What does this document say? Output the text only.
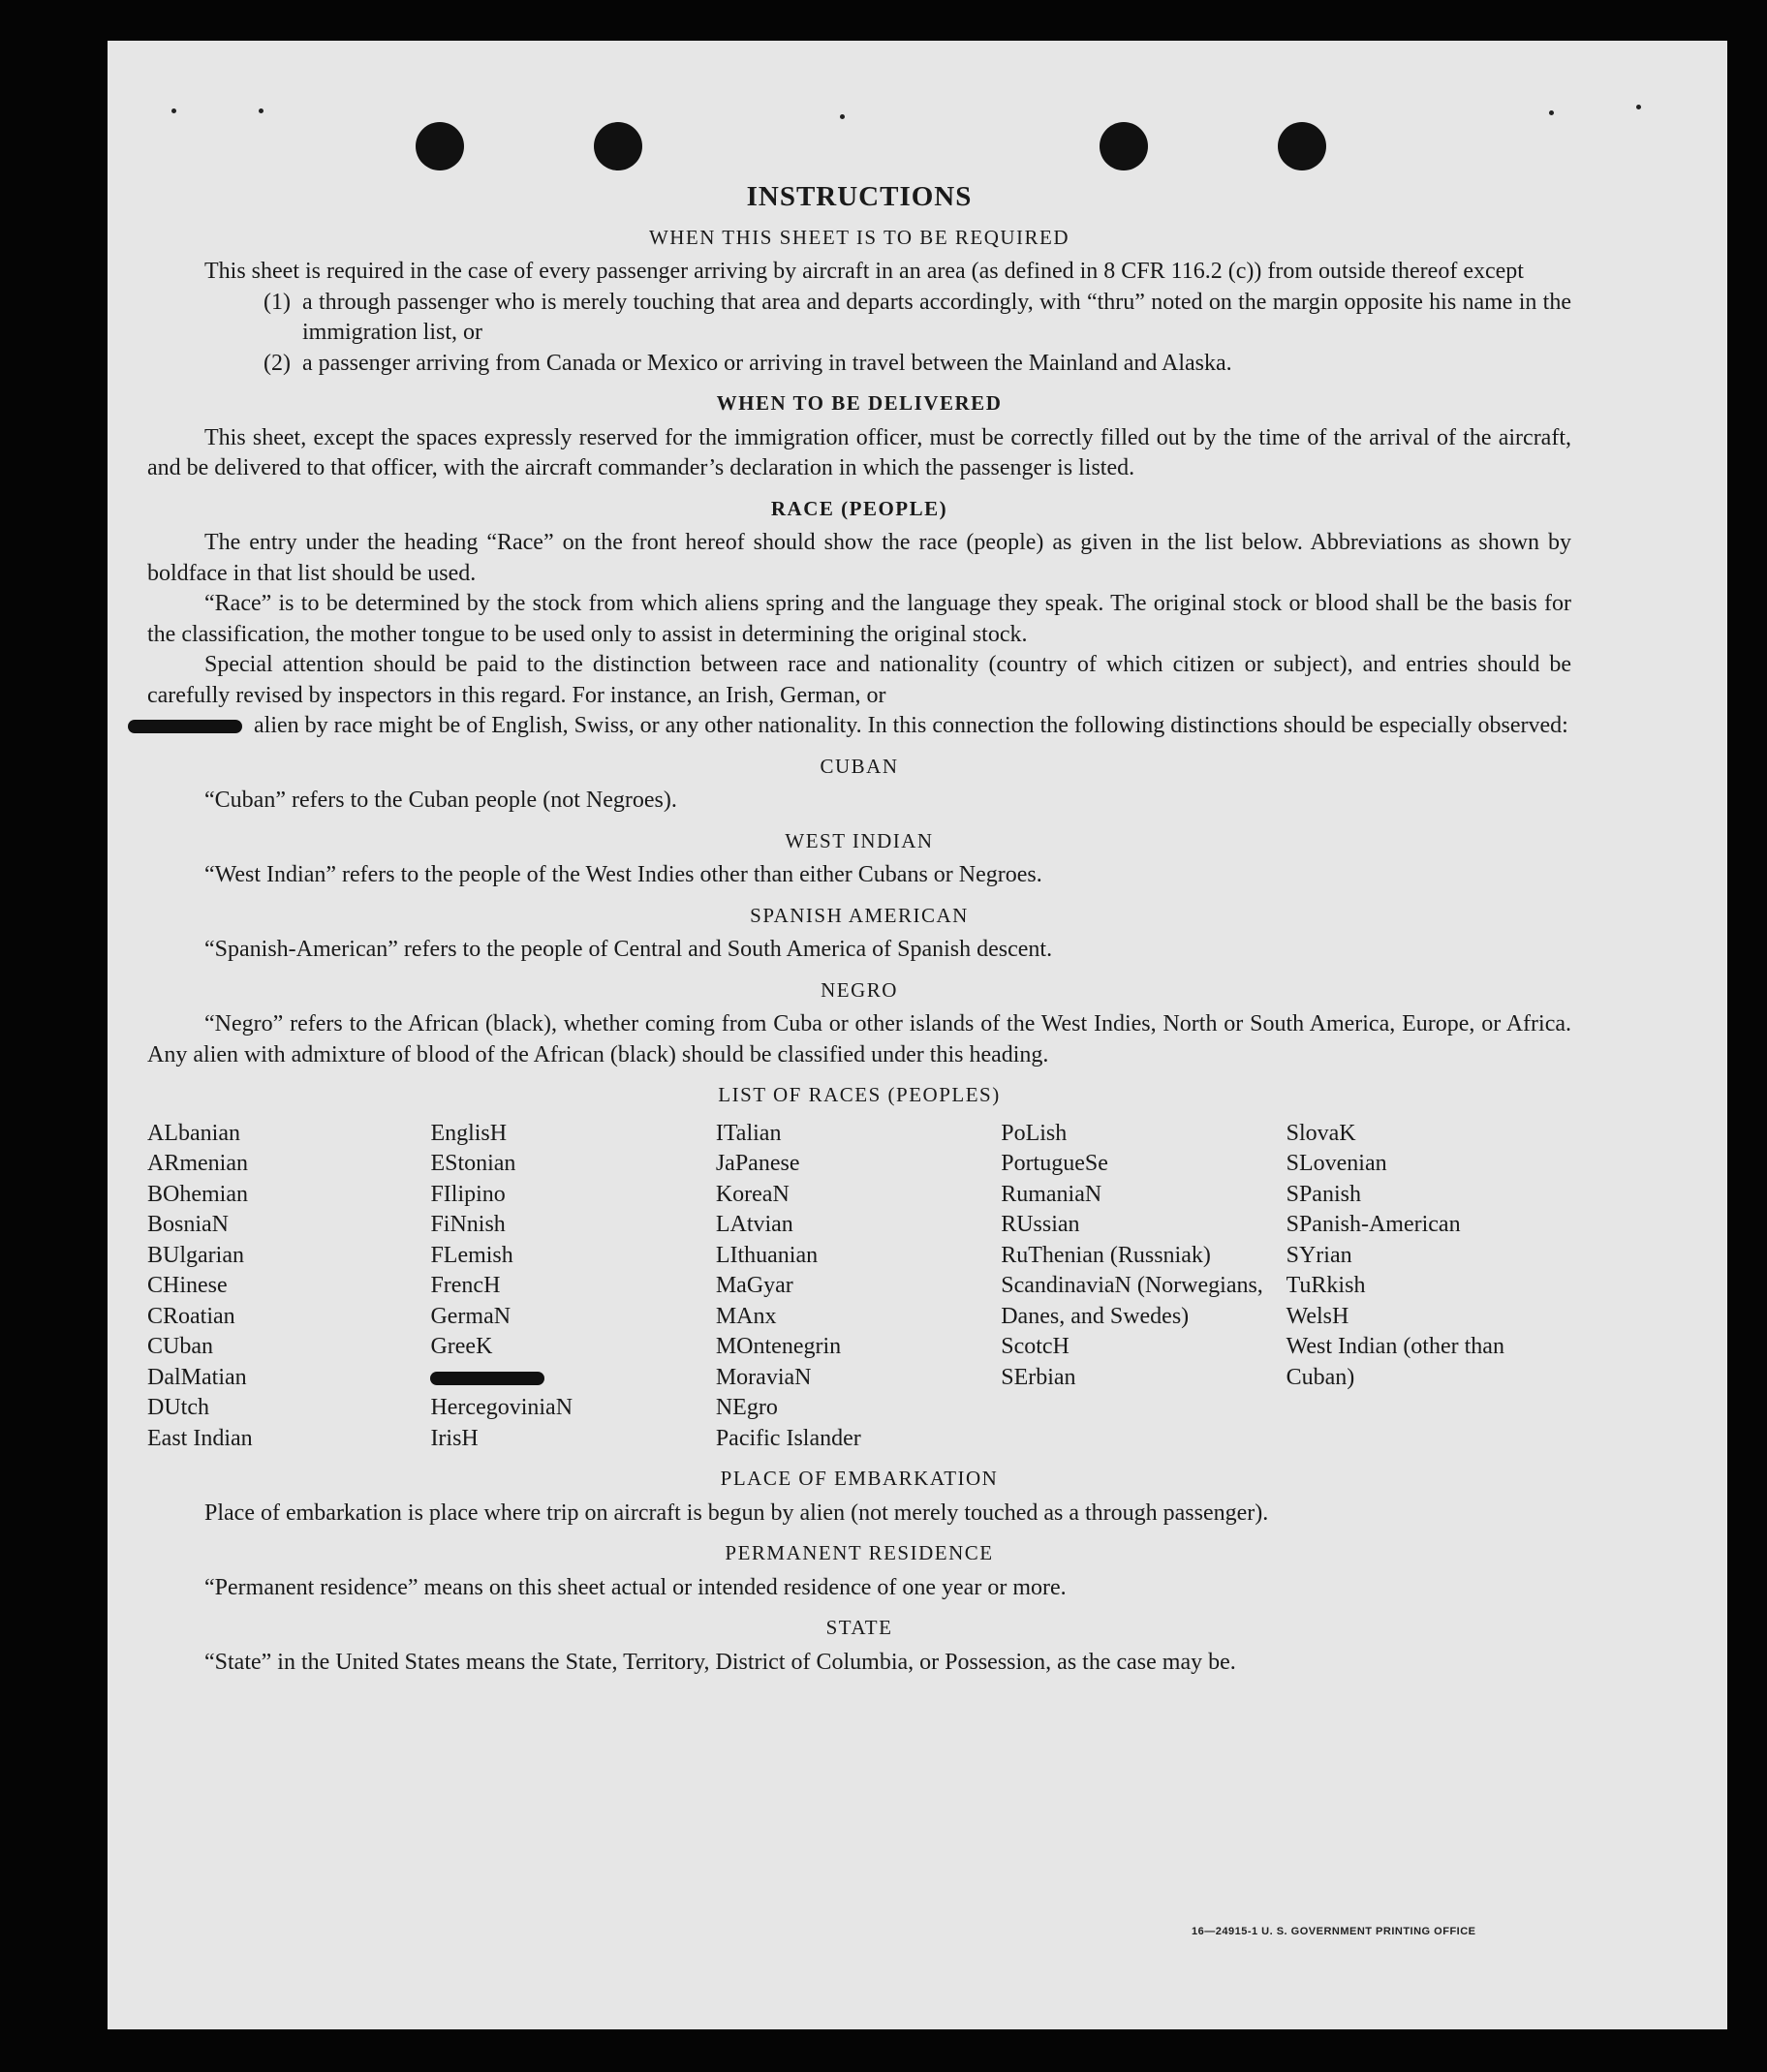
INSTRUCTIONS
WHEN THIS SHEET IS TO BE REQUIRED

This sheet is required in the case of every passenger arriving by aircraft in an area (as defined in 8 CFR 116.2 (c)) from outside thereof except

(1) a through passenger who is merely touching that area and departs accordingly, with “thru” noted on the margin opposite his name in the immigration list, or
(2) a passenger arriving from Canada or Mexico or arriving in travel between the Mainland and Alaska.
WHEN TO BE DELIVERED

This sheet, except the spaces expressly reserved for the immigration officer, must be correctly filled out by the time of the arrival of the aircraft, and be delivered to that officer, with the aircraft commander’s declaration in which the passenger is listed.

RACE (PEOPLE)

The entry under the heading “Race” on the front hereof should show the race (people) as given in the list below. Abbreviations as shown by boldface in that list should be used.

“Race” is to be determined by the stock from which aliens spring and the language they speak. The original stock or blood shall be the basis for the classification, the mother tongue to be used only to assist in determining the original stock.

Special attention should be paid to the distinction between race and nationality (country of which citizen or subject), and entries should be carefully revised by inspectors in this regard. For instance, an Irish, German, or
alien by race might be of English, Swiss, or any other nationality. In this connection the following distinctions should be especially observed:

CUBAN

“Cuban” refers to the Cuban people (not Negroes).

WEST INDIAN

“West Indian” refers to the people of the West Indies other than either Cubans or Negroes.

SPANISH AMERICAN

“Spanish-American” refers to the people of Central and South America of Spanish descent.

NEGRO

“Negro” refers to the African (black), whether coming from Cuba or other islands of the West Indies, North or South America, Europe, or Africa. Any alien with admixture of blood of the African (black) should be classified under this heading.

LIST OF RACES (PEOPLES)
ALbanian
ARmenian
BOhemian
BosniaN
BUlgarian
CHinese
CRoatian
CUban
DalMatian
DUtch
East Indian
EnglisH
EStonian
FIlipino
FiNnish
FLemish
FrencH
GermaN
GreeK
HercegoviniaN
IrisH
ITalian
JaPanese
KoreaN
LAtvian
LIthuanian
MaGyar
MAnx
MOntenegrin
MoraviaN
NEgro
Pacific Islander
PoLish
PortugueSe
RumaniaN
RUssian
RuThenian (Russniak)
ScandinaviaN (Norwegians, Danes, and Swedes)
ScotcH
SErbian
SlovaK
SLovenian
SPanish
SPanish-American
SYrian
TuRkish
WelsH
West Indian (other than Cuban)
PLACE OF EMBARKATION

Place of embarkation is place where trip on aircraft is begun by alien (not merely touched as a through passenger).

PERMANENT RESIDENCE

“Permanent residence” means on this sheet actual or intended residence of one year or more.

STATE

“State” in the United States means the State, Territory, District of Columbia, or Possession, as the case may be.

16—24915-1 U. S. GOVERNMENT PRINTING OFFICE
